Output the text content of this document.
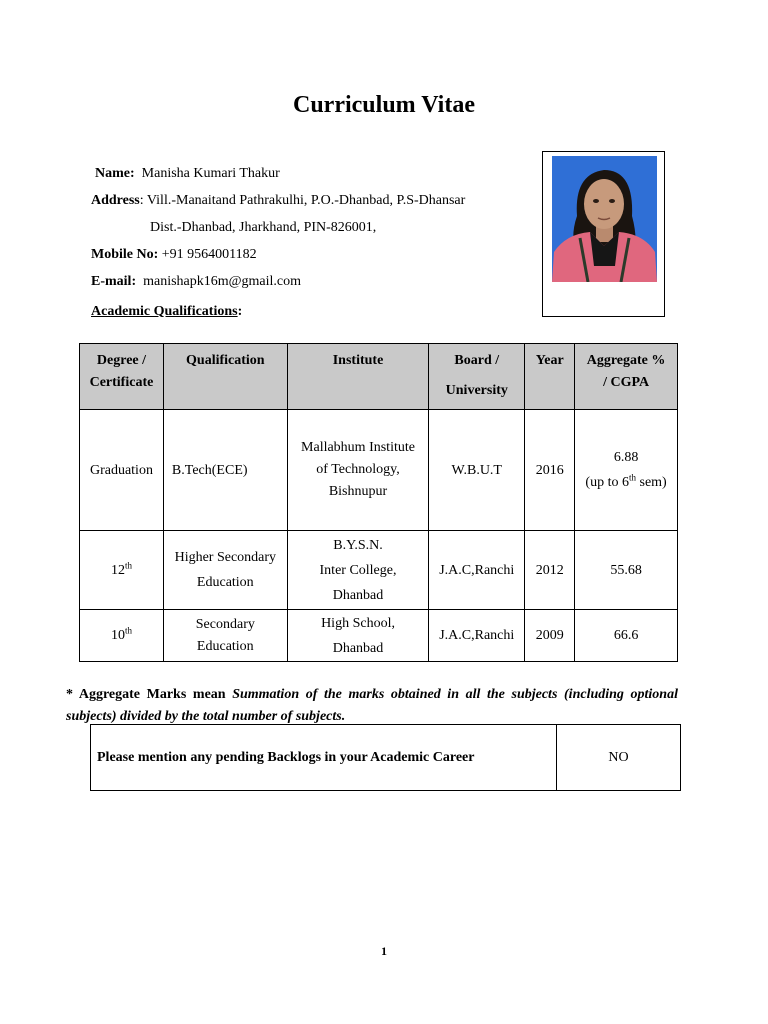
Curriculum Vitae
Name: Manisha Kumari Thakur
Address: Vill.-Manaitand Pathrakulhi, P.O.-Dhanbad, P.S-Dhansar
Dist.-Dhanbad, Jharkhand, PIN-826001,
Mobile No: +91 9564001182
E-mail: manishapk16m@gmail.com
Academic Qualifications:
Degree /
Certificate	Qualification	Institute	Board /
University	Year	Aggregate %
/ CGPA
Graduation	B.Tech(ECE)	Mallabhum Institute
of Technology,
Bishnupur	W.B.U.T	2016	6.88
(up to 6th sem)
12th	Higher Secondary
Education	B.Y.S.N.
Inter College,
Dhanbad	J.A.C,Ranchi	2012	55.68
10th	Secondary
Education	High School,
Dhanbad	J.A.C,Ranchi	2009	66.6
* Aggregate Marks mean Summation of the marks obtained in all the subjects (including optional subjects) divided by the total number of subjects.
Please mention any pending Backlogs in your Academic Career	NO
1
